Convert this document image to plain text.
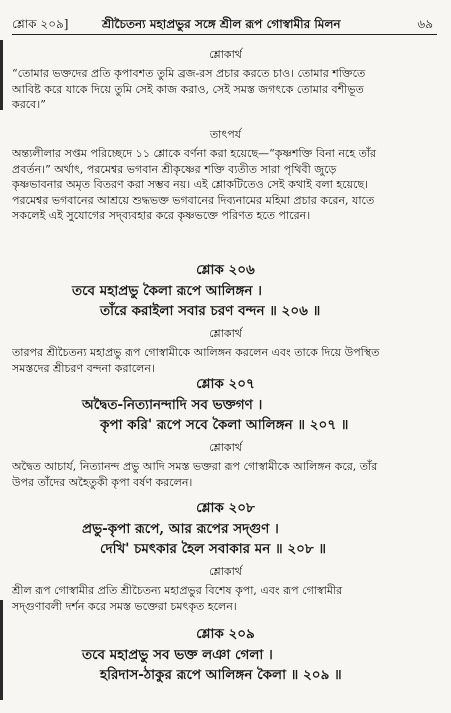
শ্লোক ২০৯]	শ্রীচৈতন্য মহাপ্রভুর সঙ্গে শ্রীল রূপ গোস্বামীর মিলন	৬৯
শ্লোকার্থ
“তোমার ভক্তদের প্রতি কৃপাবশত তুমি ব্রজ-রস প্রচার করতে চাও। তোমার শক্তিতে
আবিষ্ট করে যাকে দিয়ে তুমি সেই কাজ করাও, সেই সমস্ত জগৎকে তোমার বশীভূত
করবে।”
তাৎপর্য
অন্ত্যলীলার সপ্তম পরিচ্ছেদে ১১ শ্লোকে বর্ণনা করা হয়েছে—“কৃষ্ণশক্তি বিনা নহে তাঁর
প্রবর্তন।” অর্থাৎ, পরমেশ্বর ভগবান শ্রীকৃষ্ণের শক্তি ব্যতীত সারা পৃথিবী জুড়ে
কৃষ্ণভাবনার অমৃত বিতরণ করা সম্ভব নয়। এই শ্লোকটিতেও সেই কথাই বলা হয়েছে।
পরমেশ্বর ভগবানের আশ্রয়ে শুদ্ধভক্ত ভগবানের দিব্যনামের মহিমা প্রচার করেন, যাতে
সকলেই এই সুযোগের সদ্‌ব্যবহার করে কৃষ্ণভক্তে পরিণত হতে পারেন।
শ্লোক ২০৬
তবে মহাপ্রভু কৈলা রূপে আলিঙ্গন ।
তাঁরে করাইলা সবার চরণ বন্দন ॥ ২০৬ ॥
শ্লোকার্থ
তারপর শ্রীচৈতন্য মহাপ্রভু রূপ গোস্বামীকে আলিঙ্গন করলেন এবং তাকে দিয়ে উপস্থিত
সমস্তদের শ্রীচরণ বন্দনা করালেন।
শ্লোক ২০৭
অদ্বৈত-নিত্যানন্দাদি সব ভক্তগণ ।
কৃপা করি' রূপে সবে কৈলা আলিঙ্গন ॥ ২০৭ ॥
শ্লোকার্থ
অদ্বৈত আচার্য, নিত্যানন্দ প্রভু আদি সমস্ত ভক্তরা রূপ গোস্বামীকে আলিঙ্গন করে, তাঁর
উপর তাঁদের অহৈতুকী কৃপা বর্ষণ করলেন।
শ্লোক ২০৮
প্রভু-কৃপা রূপে, আর রূপের সদ্‌গুণ ।
দেখি' চমৎকার হৈল সবাকার মন ॥ ২০৮ ॥
শ্লোকার্থ
শ্রীল রূপ গোস্বামীর প্রতি শ্রীচৈতন্য মহাপ্রভুর বিশেষ কৃপা, এবং রূপ গোস্বামীর
সদ্‌গুণাবলী দর্শন করে সমস্ত ভক্তেরা চমৎকৃত হলেন।
শ্লোক ২০৯
তবে মহাপ্রভু সব ভক্ত লঞা গেলা ।
হরিদাস-ঠাকুর রূপে আলিঙ্গন কৈলা ॥ ২০৯ ॥
